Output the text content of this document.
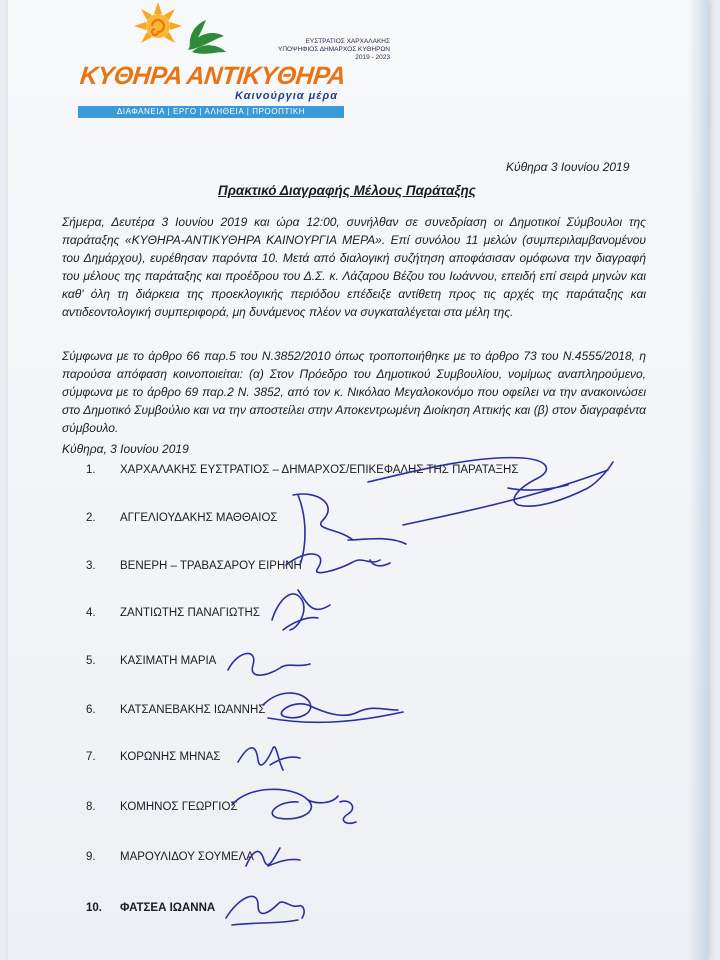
ΕΥΣΤΡΑΤΙΟΣ ΧΑΡΧΑΛΑΚΗΣ
ΥΠΟΨΗΦΙΟΣ ΔΗΜΑΡΧΟΣ ΚΥΘΗΡΩΝ
2019 - 2023
ΚΥΘΗΡΑ ΑΝΤΙΚΥΘΗΡΑ
Καινούργια μέρα
ΔΙΑΦΑΝΕΙΑ | ΕΡΓΟ | ΑΛΗΘΕΙΑ | ΠΡΟΟΠΤΙΚΗ
Κύθηρα 3 Ιουνίου 2019
Πρακτικό Διαγραφής Μέλους Παράταξης
Σήμερα, Δευτέρα 3 Ιουνίου 2019 και ώρα 12:00, συνήλθαν σε συνεδρίαση οι Δημοτικοί Σύμβουλοι της παράταξης «ΚΥΘΗΡΑ-ΑΝΤΙΚΥΘΗΡΑ ΚΑΙΝΟΥΡΓΙΑ ΜΕΡΑ». Επί συνόλου 11 μελών (συμπεριλαμβανομένου του Δημάρχου), ευρέθησαν παρόντα 10. Μετά από διαλογική συζήτηση αποφάσισαν ομόφωνα την διαγραφή του μέλους της παράταξης και προέδρου του Δ.Σ. κ. Λάζαρου Βέζου του Ιωάννου, επειδή επί σειρά μηνών και καθ' όλη τη διάρκεια της προεκλογικής περιόδου επέδειξε αντίθετη προς τις αρχές της παράταξης και αντιδεοντολογική συμπεριφορά, μη δυνάμενος πλέον να συγκαταλέγεται στα μέλη της.
Σύμφωνα με το άρθρο 66 παρ.5 του Ν.3852/2010 όπως τροποποιήθηκε με το άρθρο 73 του Ν.4555/2018, η παρούσα απόφαση κοινοποιείται: (α) Στον Πρόεδρο του Δημοτικού Συμβουλίου, νομίμως αναπληρούμενο, σύμφωνα με το άρθρο 69 παρ.2 Ν. 3852, από τον κ. Νικόλαο Μεγαλοκονόμο που οφείλει να την ανακοινώσει στο Δημοτικό Συμβούλιο και να την αποστείλει στην Αποκεντρωμένη Διοίκηση Αττικής και (β) στον διαγραφέντα σύμβουλο.
Κύθηρα, 3 Ιουνίου 2019
1. ΧΑΡΧΑΛΑΚΗΣ ΕΥΣΤΡΑΤΙΟΣ – ΔΗΜΑΡΧΟΣ/ΕΠΙΚΕΦΑΛΗΣ ΤΗΣ ΠΑΡΑΤΑΞΗΣ
2. ΑΓΓΕΛΙΟΥΔΑΚΗΣ ΜΑΘΘΑΙΟΣ
3. ΒΕΝΕΡΗ – ΤΡΑΒΑΣΑΡΟΥ ΕΙΡΗΝΗ
4. ΖΑΝΤΙΩΤΗΣ ΠΑΝΑΓΙΩΤΗΣ
5. ΚΑΣΙΜΑΤΗ ΜΑΡΙΑ
6. ΚΑΤΣΑΝΕΒΑΚΗΣ ΙΩΑΝΝΗΣ
7. ΚΟΡΩΝΗΣ ΜΗΝΑΣ
8. ΚΟΜΗΝΟΣ ΓΕΩΡΓΙΟΣ
9. ΜΑΡΟΥΛΙΔΟΥ ΣΟΥΜΕΛΑ
10. ΦΑΤΣΕΑ ΙΩΑΝΝΑ
